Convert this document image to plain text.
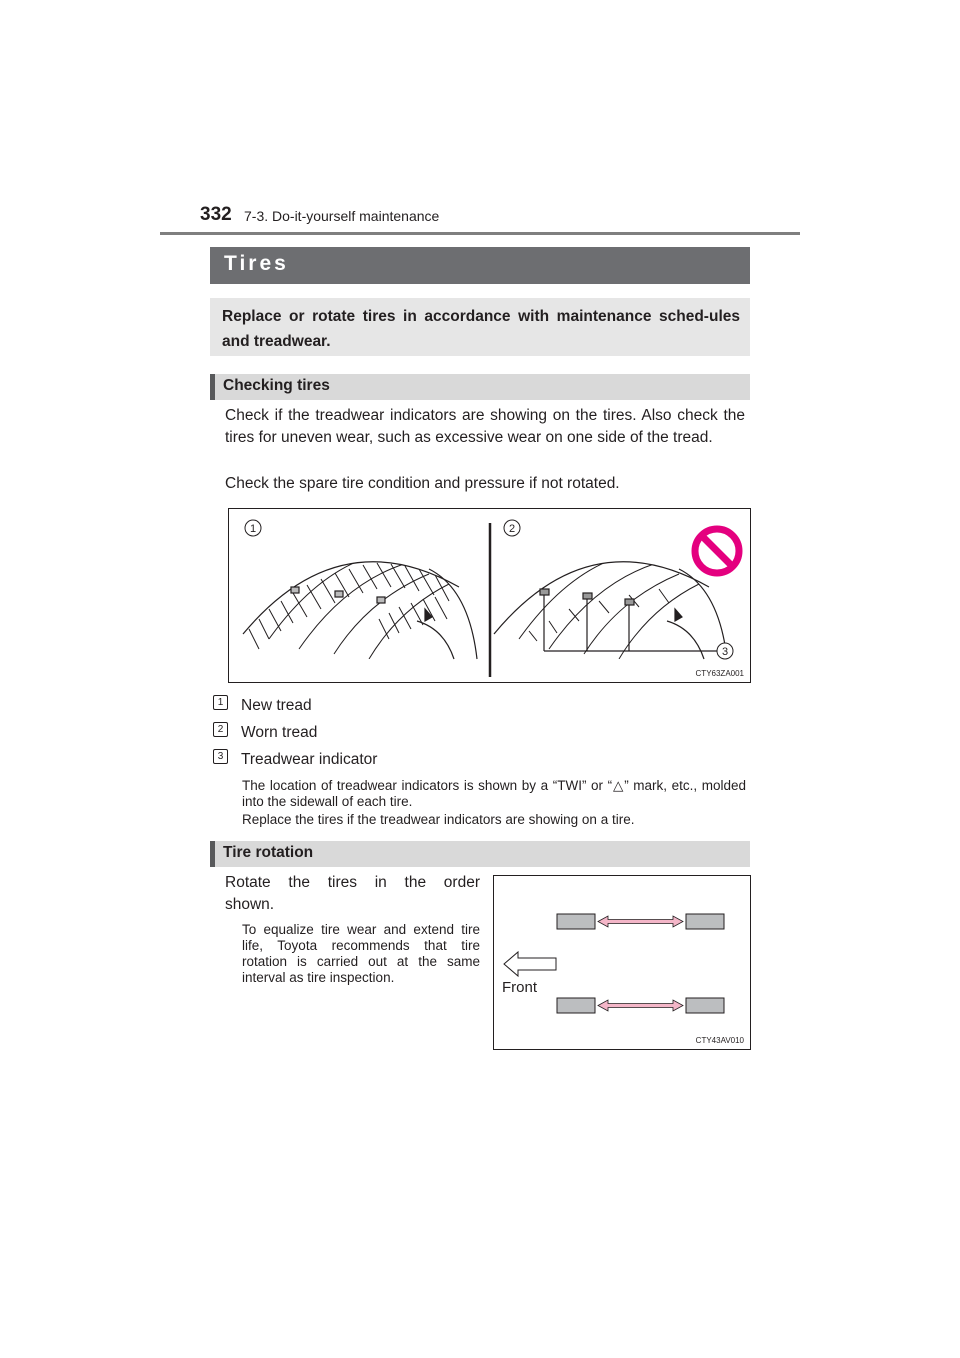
332 7-3. Do-it-yourself maintenance
Tires
Replace or rotate tires in accordance with maintenance sched-ules and treadwear.
Checking tires
Check if the treadwear indicators are showing on the tires. Also check the tires for uneven wear, such as excessive wear on one side of the tread.
Check the spare tire condition and pressure if not rotated.
1	2
3
CTY63ZA001
1	New tread
2	Worn tread
3	Treadwear indicator
The location of treadwear indicators is shown by a “TWI” or “△” mark, etc., molded into the sidewall of each tire.
Replace the tires if the treadwear indicators are showing on a tire.
Tire rotation
Rotate the tires in the order shown.
To equalize tire wear and extend tire life, Toyota recommends that tire rotation is carried out at the same interval as tire inspection.
Front
CTY43AV010
